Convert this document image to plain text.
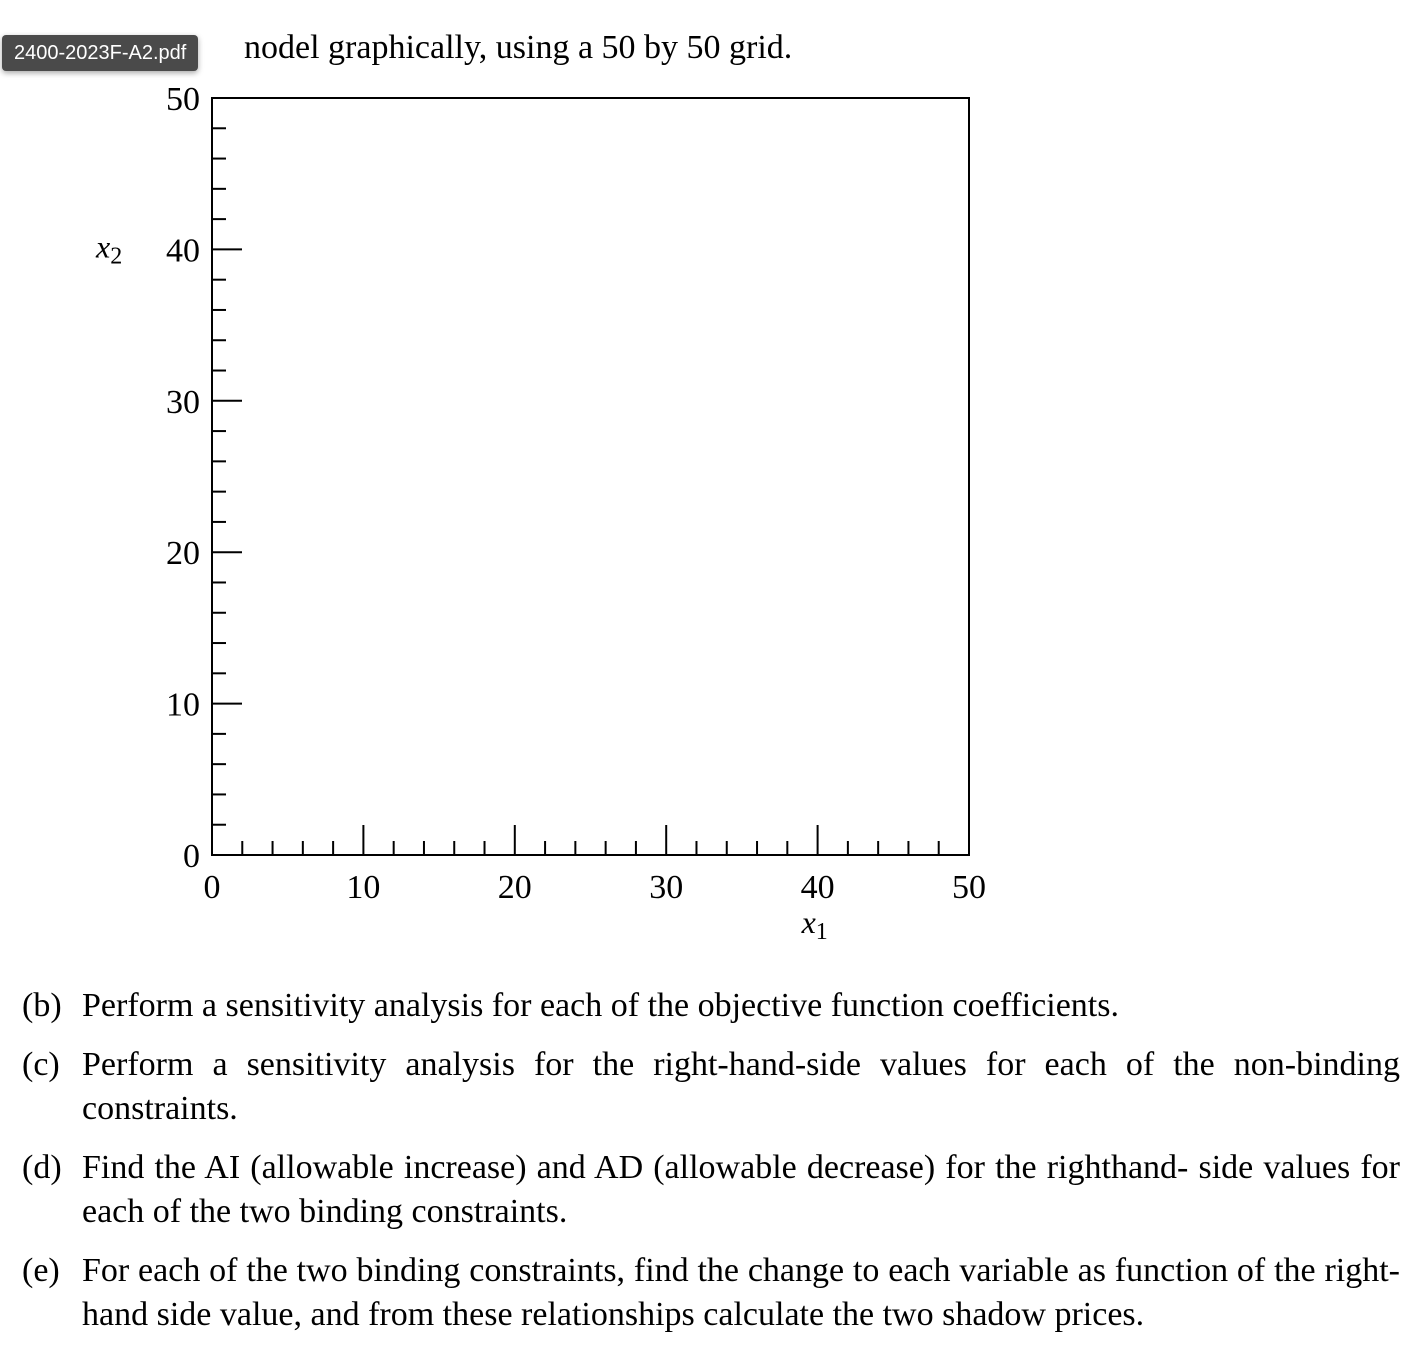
2400-2023F-A2.pdf	nodel graphically, using a 50 by 50 grid.
0	10	20	30	40	50
0
10
20
30
40
50
x1
x2
(b) Perform a sensitivity analysis for each of the objective function coefficients.
(c) Perform a sensitivity analysis for the right-hand-side values for each of the non-binding constraints.
(d) Find the AI (allowable increase) and AD (allowable decrease) for the righthand- side values for each of the two binding constraints.
(e) For each of the two binding constraints, find the change to each variable as function of the right-hand side value, and from these relationships calculate the two shadow prices.
